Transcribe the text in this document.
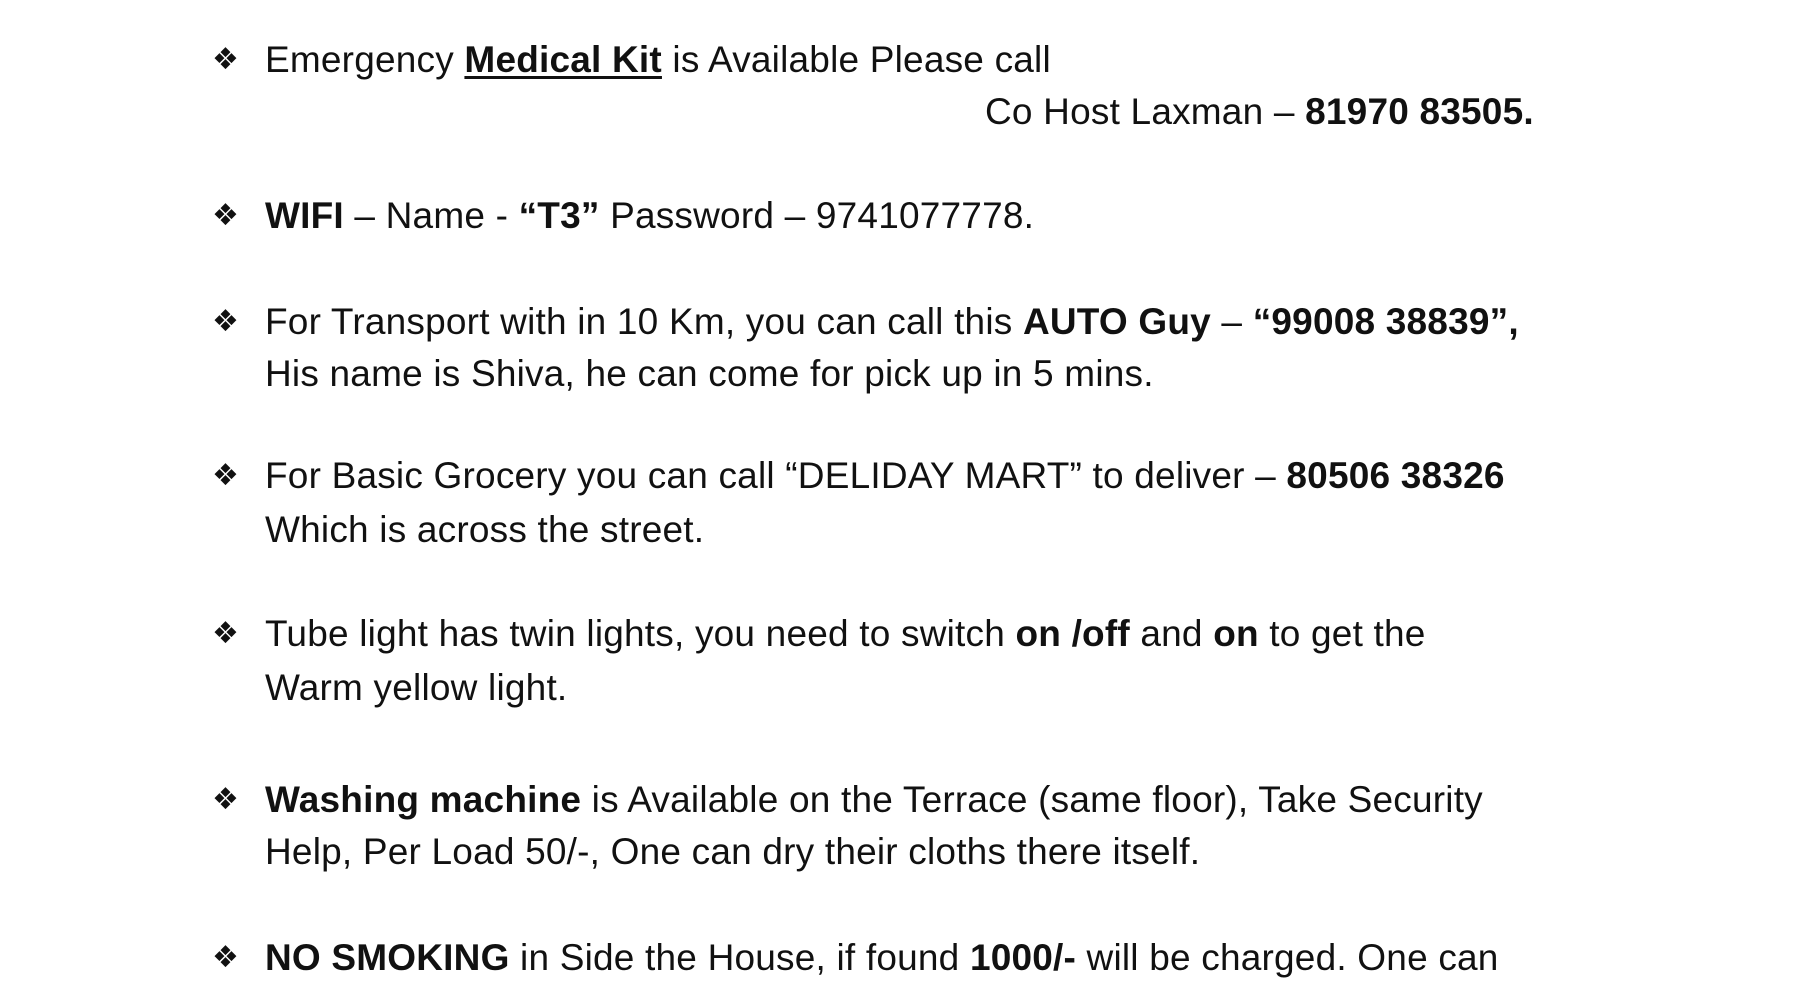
❖ Emergency Medical Kit is Available Please call
Co Host Laxman – 81970 83505.
❖ WIFI – Name - “T3” Password – 9741077778.
❖ For Transport with in 10 Km, you can call this AUTO Guy – “99008 38839”,
His name is Shiva, he can come for pick up in 5 mins.
❖ For Basic Grocery you can call “DELIDAY MART” to deliver – 80506 38326
Which is across the street.
❖ Tube light has twin lights, you need to switch on /off and on to get the
Warm yellow light.
❖ Washing machine is Available on the Terrace (same floor), Take Security
Help, Per Load 50/-, One can dry their cloths there itself.
❖ NO SMOKING in Side the House, if found 1000/- will be charged. One can
